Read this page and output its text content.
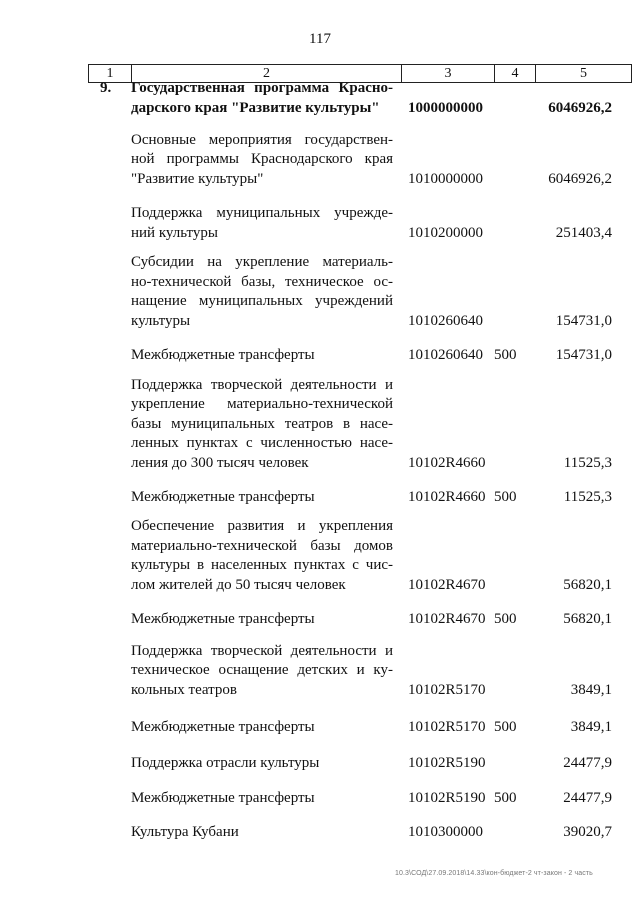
117
1	2	3	4	5
9. Государственная программа Красно-
дарского края "Развитие культуры"	1000000000	6046926,2
Основные мероприятия государствен-
ной программы Краснодарского края
"Развитие культуры"	1010000000	6046926,2
Поддержка муниципальных учрежде-
ний культуры	1010200000	251403,4
Субсидии на укрепление материаль-
но-технической базы, техническое ос-
нащение муниципальных учреждений
культуры	1010260640	154731,0
Межбюджетные трансферты	1010260640 500	154731,0
Поддержка творческой деятельности и
укрепление материально-технической
базы муниципальных театров в насе-
ленных пунктах с численностью насе-
ления до 300 тысяч человек	10102R4660	11525,3
Межбюджетные трансферты	10102R4660 500	11525,3
Обеспечение развития и укрепления
материально-технической базы домов
культуры в населенных пунктах с чис-
лом жителей до 50 тысяч человек	10102R4670	56820,1
Межбюджетные трансферты	10102R4670 500	56820,1
Поддержка творческой деятельности и
техническое оснащение детских и ку-
кольных театров	10102R5170	3849,1
Межбюджетные трансферты	10102R5170 500	3849,1
Поддержка отрасли культуры	10102R5190	24477,9
Межбюджетные трансферты	10102R5190 500	24477,9
Культура Кубани	1010300000	39020,7
10.3\СОД\27.09.2018\14.33\кон-бюджет-2 чт-закон - 2 часть
